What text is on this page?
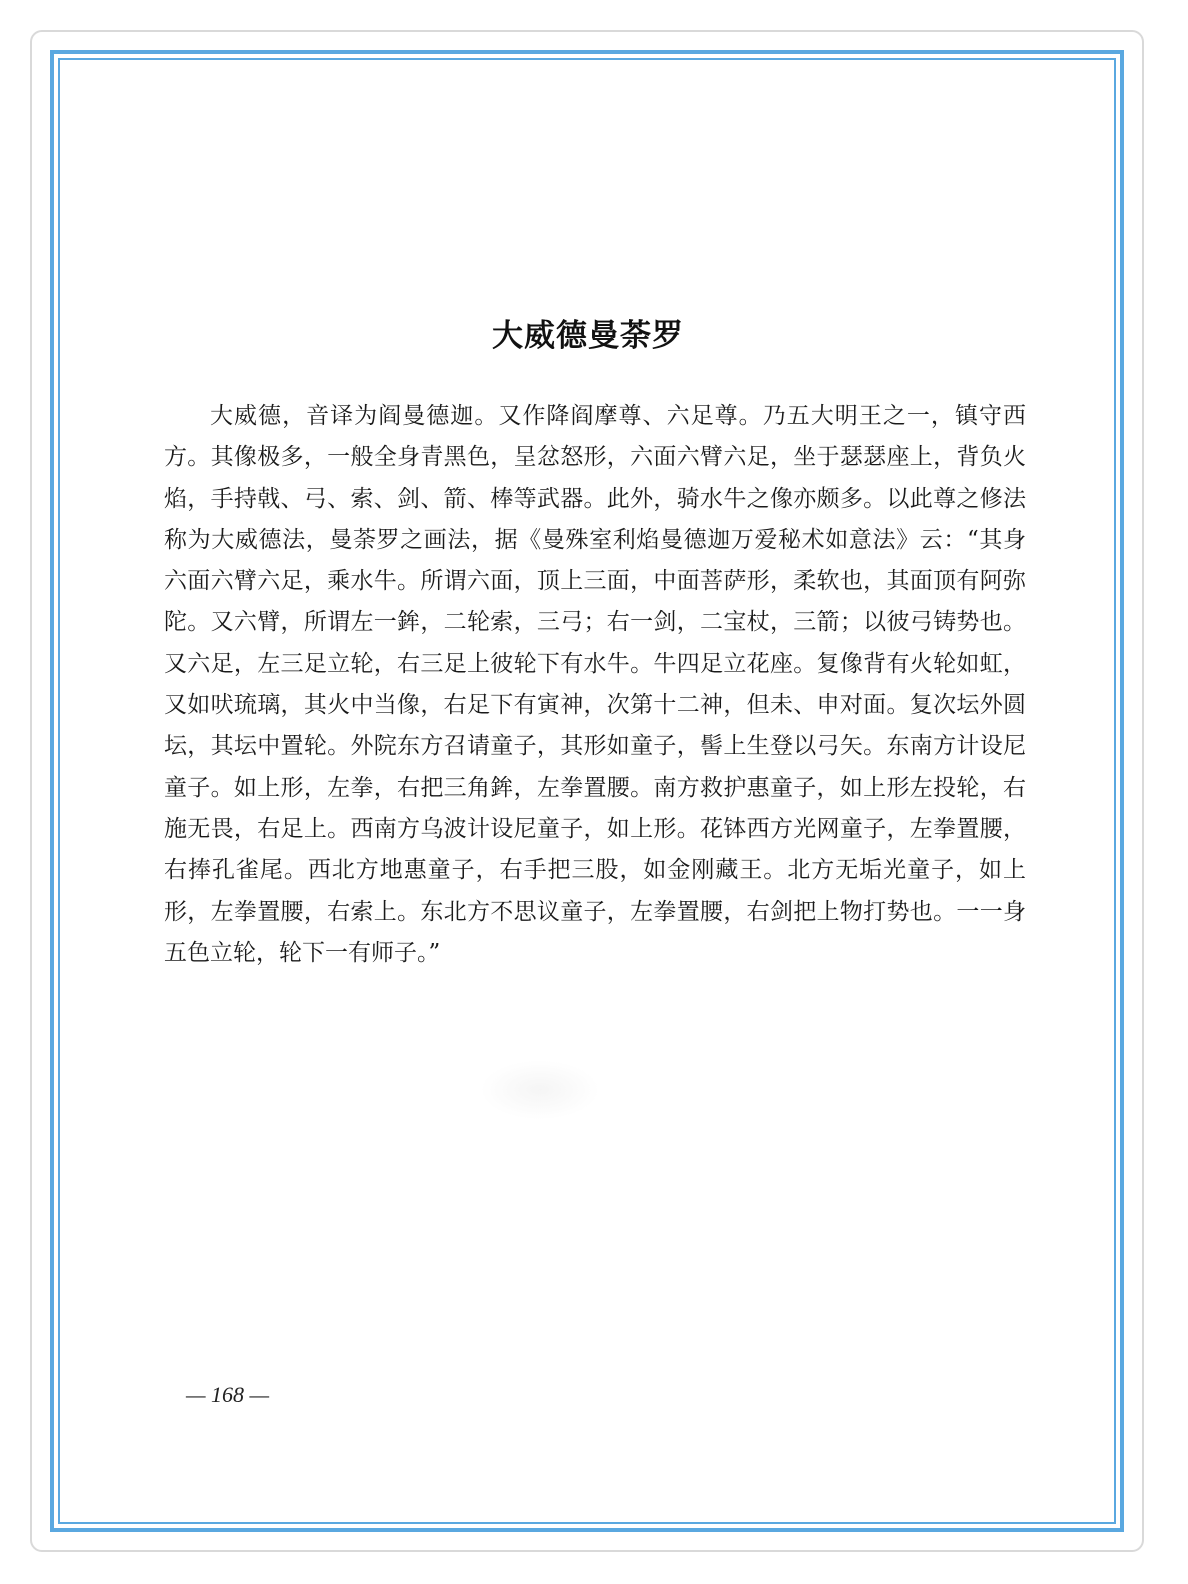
大威德曼荼罗

大威德，音译为阎曼德迦。又作降阎摩尊、六足尊。乃五大明王之一，镇守西方。其像极多，一般全身青黑色，呈忿怒形，六面六臂六足，坐于瑟瑟座上，背负火焰，手持戟、弓、索、剑、箭、棒等武器。此外，骑水牛之像亦颇多。以此尊之修法称为大威德法，曼荼罗之画法，据《曼殊室利焰曼德迦万爱秘术如意法》云：“其身六面六臂六足，乘水牛。所谓六面，顶上三面，中面菩萨形，柔软也，其面顶有阿弥陀。又六臂，所谓左一鉾，二轮索，三弓；右一剑，二宝杖，三箭；以彼弓铸势也。又六足，左三足立轮，右三足上彼轮下有水牛。牛四足立花座。复像背有火轮如虹，又如吠琉璃，其火中当像，右足下有寅神，次第十二神，但未、申对面。复次坛外圆坛，其坛中置轮。外院东方召请童子，其形如童子，髻上生登以弓矢。东南方计设尼童子。如上形，左拳，右把三角鉾，左拳置腰。南方救护惠童子，如上形左投轮，右施无畏，右足上。西南方乌波计设尼童子，如上形。花钵西方光网童子，左拳置腰，右捧孔雀尾。西北方地惠童子，右手把三股，如金刚藏王。北方无垢光童子，如上形，左拳置腰，右索上。东北方不思议童子，左拳置腰，右剑把上物打势也。一一身五色立轮，轮下一有师子。”

— 168 —
